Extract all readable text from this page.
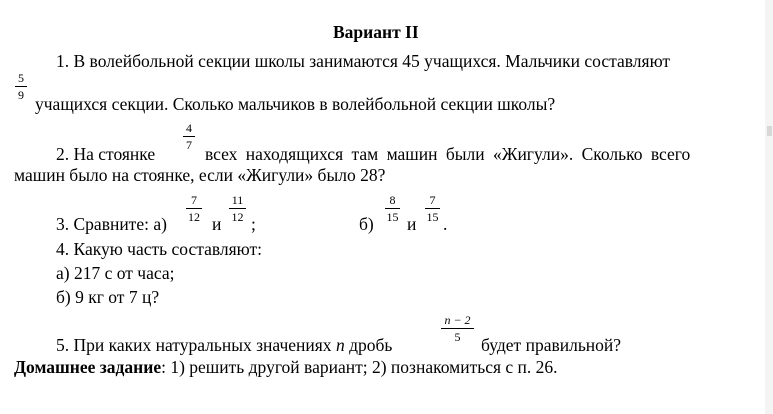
Вариант II
1. В волейбольной секции школы занимаются 45 учащихся. Мальчики составляют
5
9 учащихся секции. Сколько мальчиков в волейбольной секции школы?
2. На стоянке
4
7 всех находящихся там машин были «Жигули». Сколько всего
машин было на стоянке, если «Жигули» было 28?
3. Сравните: а)
7
12 и
11
12 ;	б)
8
15 и
7
15 .
4. Какую часть составляют:
а) 217 с от часа;
б) 9 кг от 7 ц?
5. При каких натуральных значениях n дробь
n − 2
5	будет правильной?
Домашнее задание: 1) решить другой вариант; 2) познакомиться с п. 26.
